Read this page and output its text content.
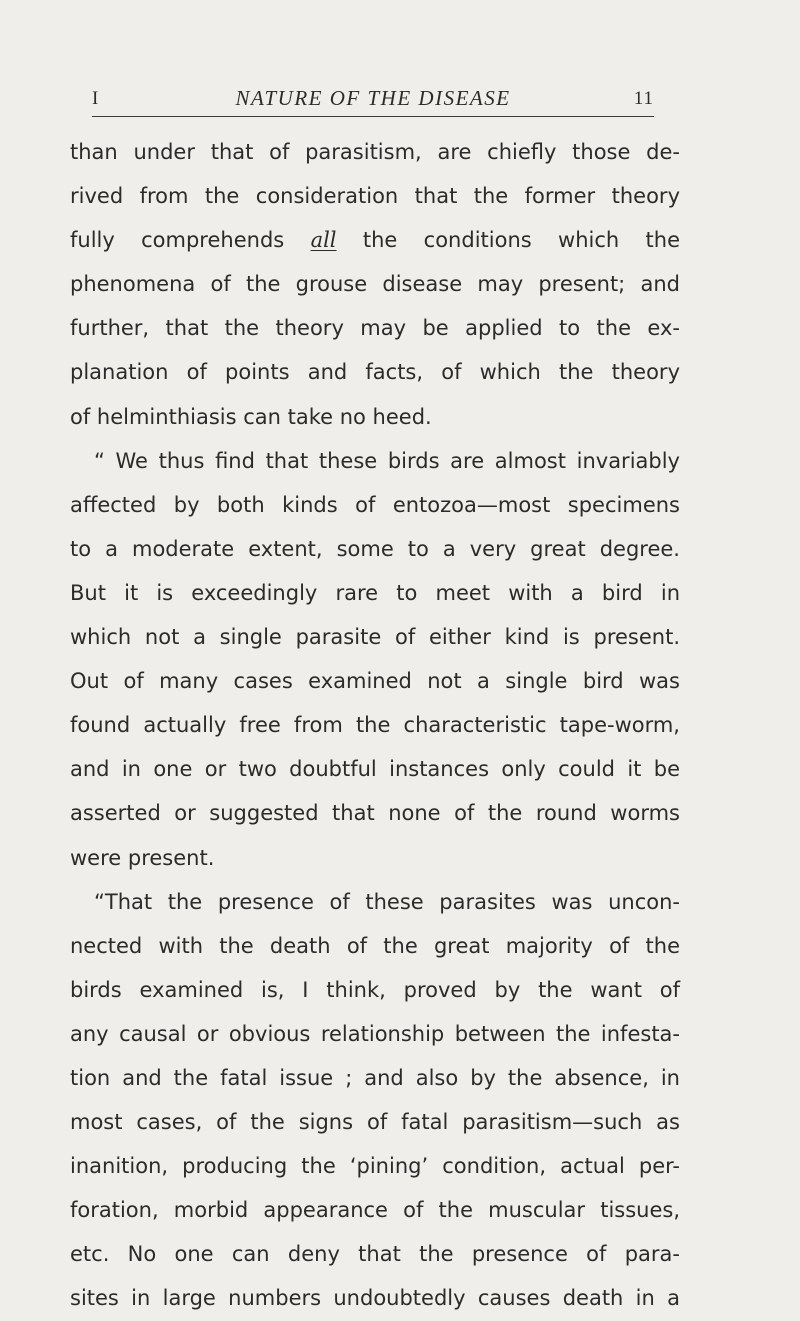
I	NATURE OF THE DISEASE	11
than under that of parasitism, are chiefly those de-
rived from the consideration that the former theory
fully comprehends all the conditions which the
phenomena of the grouse disease may present; and
further, that the theory may be applied to the ex-
planation of points and facts, of which the theory
of helminthiasis can take no heed.
“ We thus find that these birds are almost invariably
affected by both kinds of entozoa—most specimens
to a moderate extent, some to a very great degree.
But it is exceedingly rare to meet with a bird in
which not a single parasite of either kind is present.
Out of many cases examined not a single bird was
found actually free from the characteristic tape-worm,
and in one or two doubtful instances only could it be
asserted or suggested that none of the round worms
were present.
“That the presence of these parasites was uncon-
nected with the death of the great majority of the
birds examined is, I think, proved by the want of
any causal or obvious relationship between the infesta-
tion and the fatal issue ; and also by the absence, in
most cases, of the signs of fatal parasitism—such as
inanition, producing the ‘pining’ condition, actual per-
foration, morbid appearance of the muscular tissues,
etc. No one can deny that the presence of para-
sites in large numbers undoubtedly causes death in a
